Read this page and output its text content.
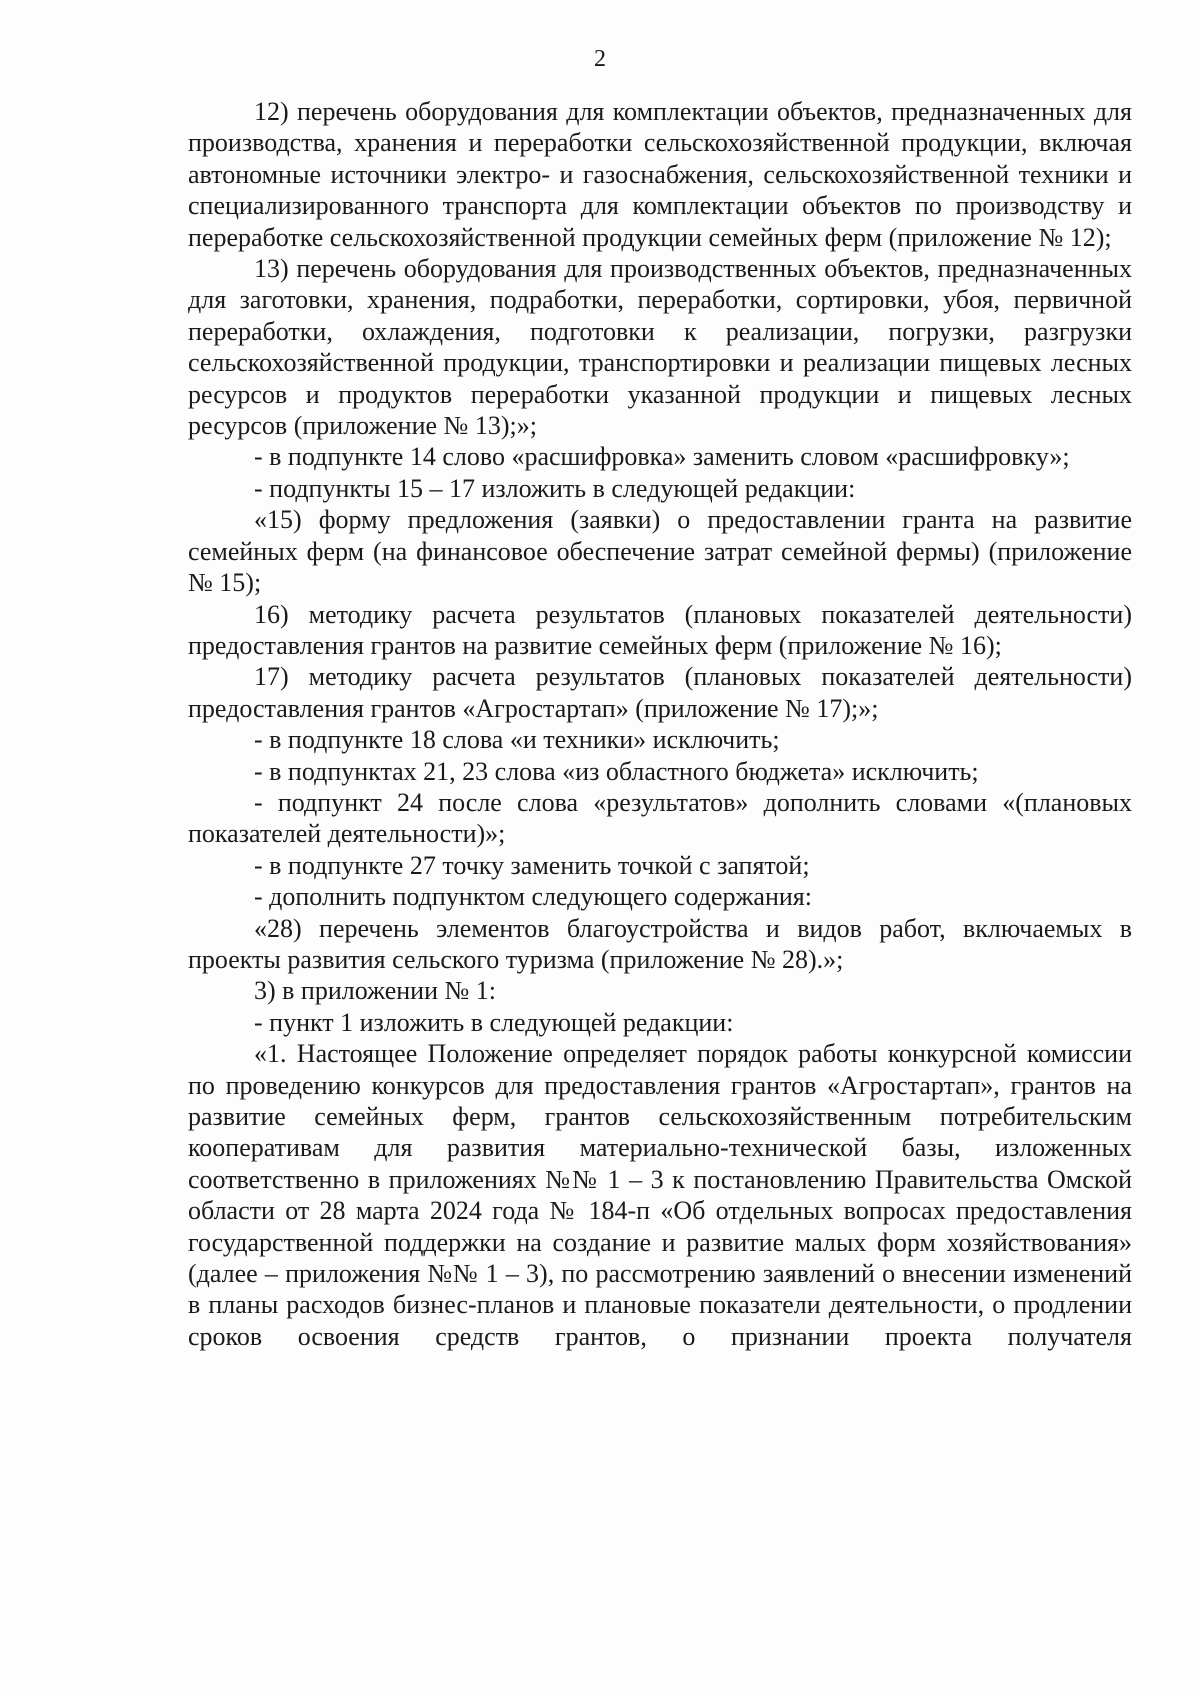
2

12) перечень оборудования для комплектации объектов, предназначенных для производства, хранения и переработки сельскохозяйственной продукции, включая автономные источники электро- и газоснабжения, сельскохозяйственной техники и специализированного транспорта для комплектации объектов по производству и переработке сельскохозяйственной продукции семейных ферм (приложение № 12);

13) перечень оборудования для производственных объектов, предназначенных для заготовки, хранения, подработки, переработки, сортировки, убоя, первичной переработки, охлаждения, подготовки к реализации, погрузки, разгрузки сельскохозяйственной продукции, транспортировки и реализации пищевых лесных ресурсов и продуктов переработки указанной продукции и пищевых лесных ресурсов (приложение № 13);»;

- в подпункте 14 слово «расшифровка» заменить словом «расшифровку»;

- подпункты 15 – 17 изложить в следующей редакции:

«15) форму предложения (заявки) о предоставлении гранта на развитие семейных ферм (на финансовое обеспечение затрат семейной фермы) (приложение № 15);

16) методику расчета результатов (плановых показателей деятельности) предоставления грантов на развитие семейных ферм (приложение № 16);

17) методику расчета результатов (плановых показателей деятельности) предоставления грантов «Агростартап» (приложение № 17);»;

- в подпункте 18 слова «и техники» исключить;

- в подпунктах 21, 23 слова «из областного бюджета» исключить;

- подпункт 24 после слова «результатов» дополнить словами «(плановых показателей деятельности)»;

- в подпункте 27 точку заменить точкой с запятой;

- дополнить подпунктом следующего содержания:

«28) перечень элементов благоустройства и видов работ, включаемых в проекты развития сельского туризма (приложение № 28).»;

3) в приложении № 1:

- пункт 1 изложить в следующей редакции:

«1. Настоящее Положение определяет порядок работы конкурсной комиссии по проведению конкурсов для предоставления грантов «Агростартап», грантов на развитие семейных ферм, грантов сельскохозяйственным потребительским кооперативам для развития материально-технической базы, изложенных соответственно в приложениях №№ 1 – 3 к постановлению Правительства Омской области от 28 марта 2024 года № 184-п «Об отдельных вопросах предоставления государственной поддержки на создание и развитие малых форм хозяйствования» (далее – приложения №№ 1 – 3), по рассмотрению заявлений о внесении изменений в планы расходов бизнес-планов и плановые показатели деятельности, о продлении сроков освоения средств грантов, о признании проекта получателя
